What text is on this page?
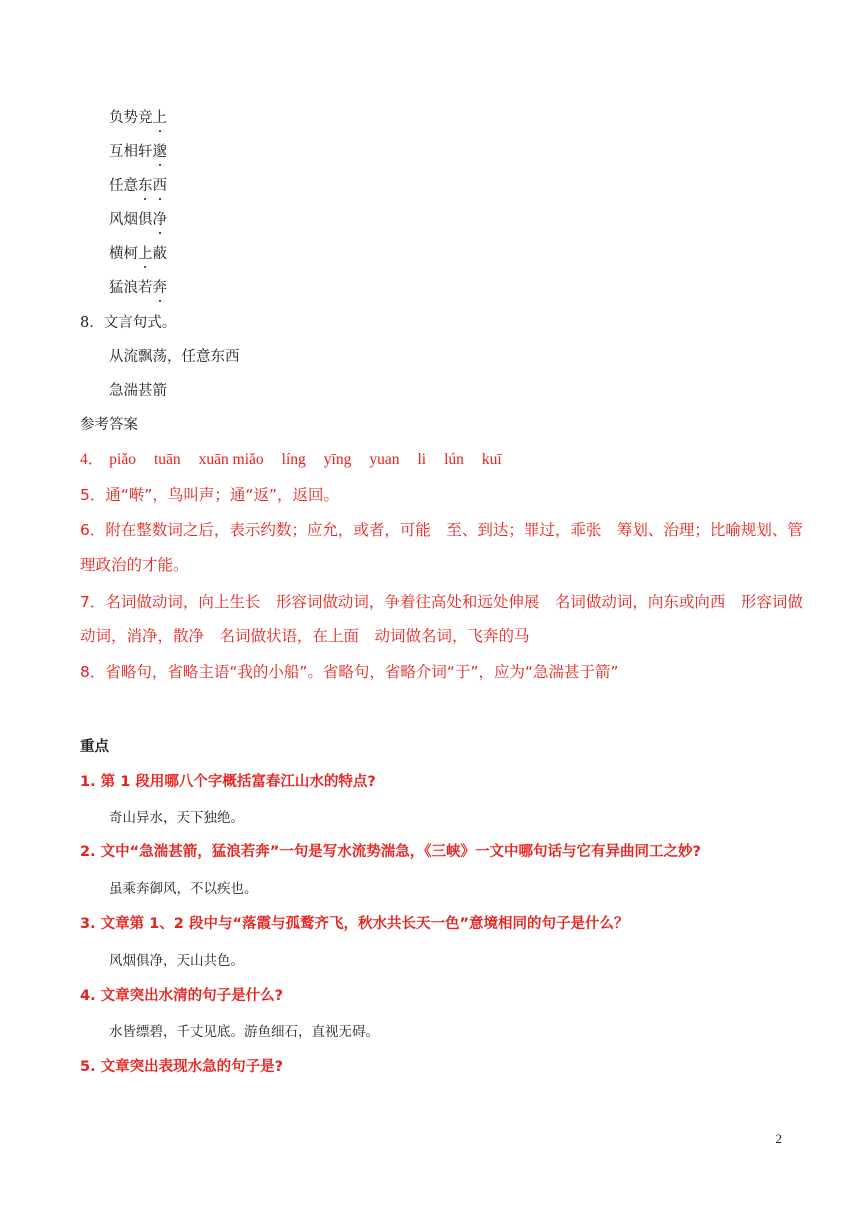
负势竞上
互相轩邈
任意东西
风烟俱净
横柯上蔽
猛浪若奔
8．文言句式。
从流飘荡，任意东西
急湍甚箭
参考答案
4． piǎo tuān xuān miǎo líng yīng yuan li lún kuī
5．通“啭”，鸟叫声；通“返”，返回。
6．附在整数词之后，表示约数；应允，或者，可能　至、到达；罪过，乖张　筹划、治理；比喻规划、管
理政治的才能。
7．名词做动词，向上生长　形容词做动词，争着往高处和远处伸展　名词做动词，向东或向西　形容词做
动词，消净，散净　名词做状语，在上面　动词做名词，飞奔的马
8．省略句，省略主语“我的小船”。省略句，省略介词“于”，应为“急湍甚于箭”
重点
1. 第 1 段用哪八个字概括富春江山水的特点?
奇山异水，天下独绝。
2. 文中“急湍甚箭，猛浪若奔”一句是写水流势湍急，《三峡》一文中哪句话与它有异曲同工之妙?
虽乘奔御风，不以疾也。
3. 文章第 1、2 段中与“落霞与孤鹜齐飞，秋水共长天一色”意境相同的句子是什么？
风烟俱净，天山共色。
4. 文章突出水清的句子是什么?
水皆缥碧，千丈见底。游鱼细石，直视无碍。
5. 文章突出表现水急的句子是?
2
